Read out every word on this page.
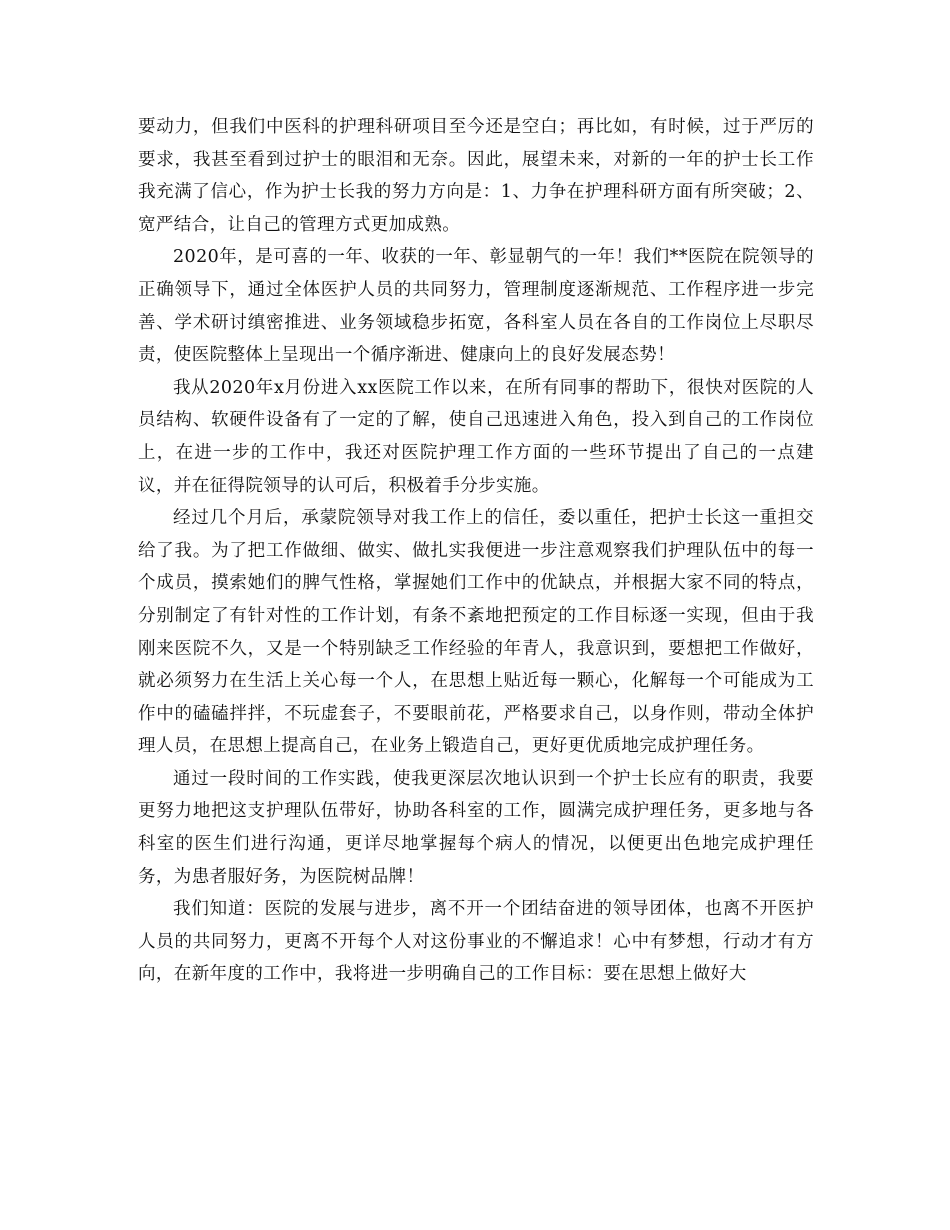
要动力，但我们中医科的护理科研项目至今还是空白；再比如，有时候，过于严厉的要求，我甚至看到过护士的眼泪和无奈。因此，展望未来，对新的一年的护士长工作我充满了信心，作为护士长我的努力方向是：1、力争在护理科研方面有所突破；2、宽严结合，让自己的管理方式更加成熟。

2020年，是可喜的一年、收获的一年、彰显朝气的一年！我们**医院在院领导的正确领导下，通过全体医护人员的共同努力，管理制度逐渐规范、工作程序进一步完善、学术研讨缜密推进、业务领域稳步拓宽，各科室人员在各自的工作岗位上尽职尽责，使医院整体上呈现出一个循序渐进、健康向上的良好发展态势！

我从2020年x月份进入xx医院工作以来，在所有同事的帮助下，很快对医院的人员结构、软硬件设备有了一定的了解，使自己迅速进入角色，投入到自己的工作岗位上，在进一步的工作中，我还对医院护理工作方面的一些环节提出了自己的一点建议，并在征得院领导的认可后，积极着手分步实施。

经过几个月后，承蒙院领导对我工作上的信任，委以重任，把护士长这一重担交给了我。为了把工作做细、做实、做扎实我便进一步注意观察我们护理队伍中的每一个成员，摸索她们的脾气性格，掌握她们工作中的优缺点，并根据大家不同的特点，分别制定了有针对性的工作计划，有条不紊地把预定的工作目标逐一实现，但由于我刚来医院不久，又是一个特别缺乏工作经验的年青人，我意识到，要想把工作做好，就必须努力在生活上关心每一个人，在思想上贴近每一颗心，化解每一个可能成为工作中的磕磕拌拌，不玩虚套子，不要眼前花，严格要求自己，以身作则，带动全体护理人员，在思想上提高自己，在业务上锻造自己，更好更优质地完成护理任务。

通过一段时间的工作实践，使我更深层次地认识到一个护士长应有的职责，我要更努力地把这支护理队伍带好，协助各科室的工作，圆满完成护理任务，更多地与各科室的医生们进行沟通，更详尽地掌握每个病人的情况，以便更出色地完成护理任务，为患者服好务，为医院树品牌！

我们知道：医院的发展与进步，离不开一个团结奋进的领导团体，也离不开医护人员的共同努力，更离不开每个人对这份事业的不懈追求！心中有梦想，行动才有方向，在新年度的工作中，我将进一步明确自己的工作目标：要在思想上做好大
